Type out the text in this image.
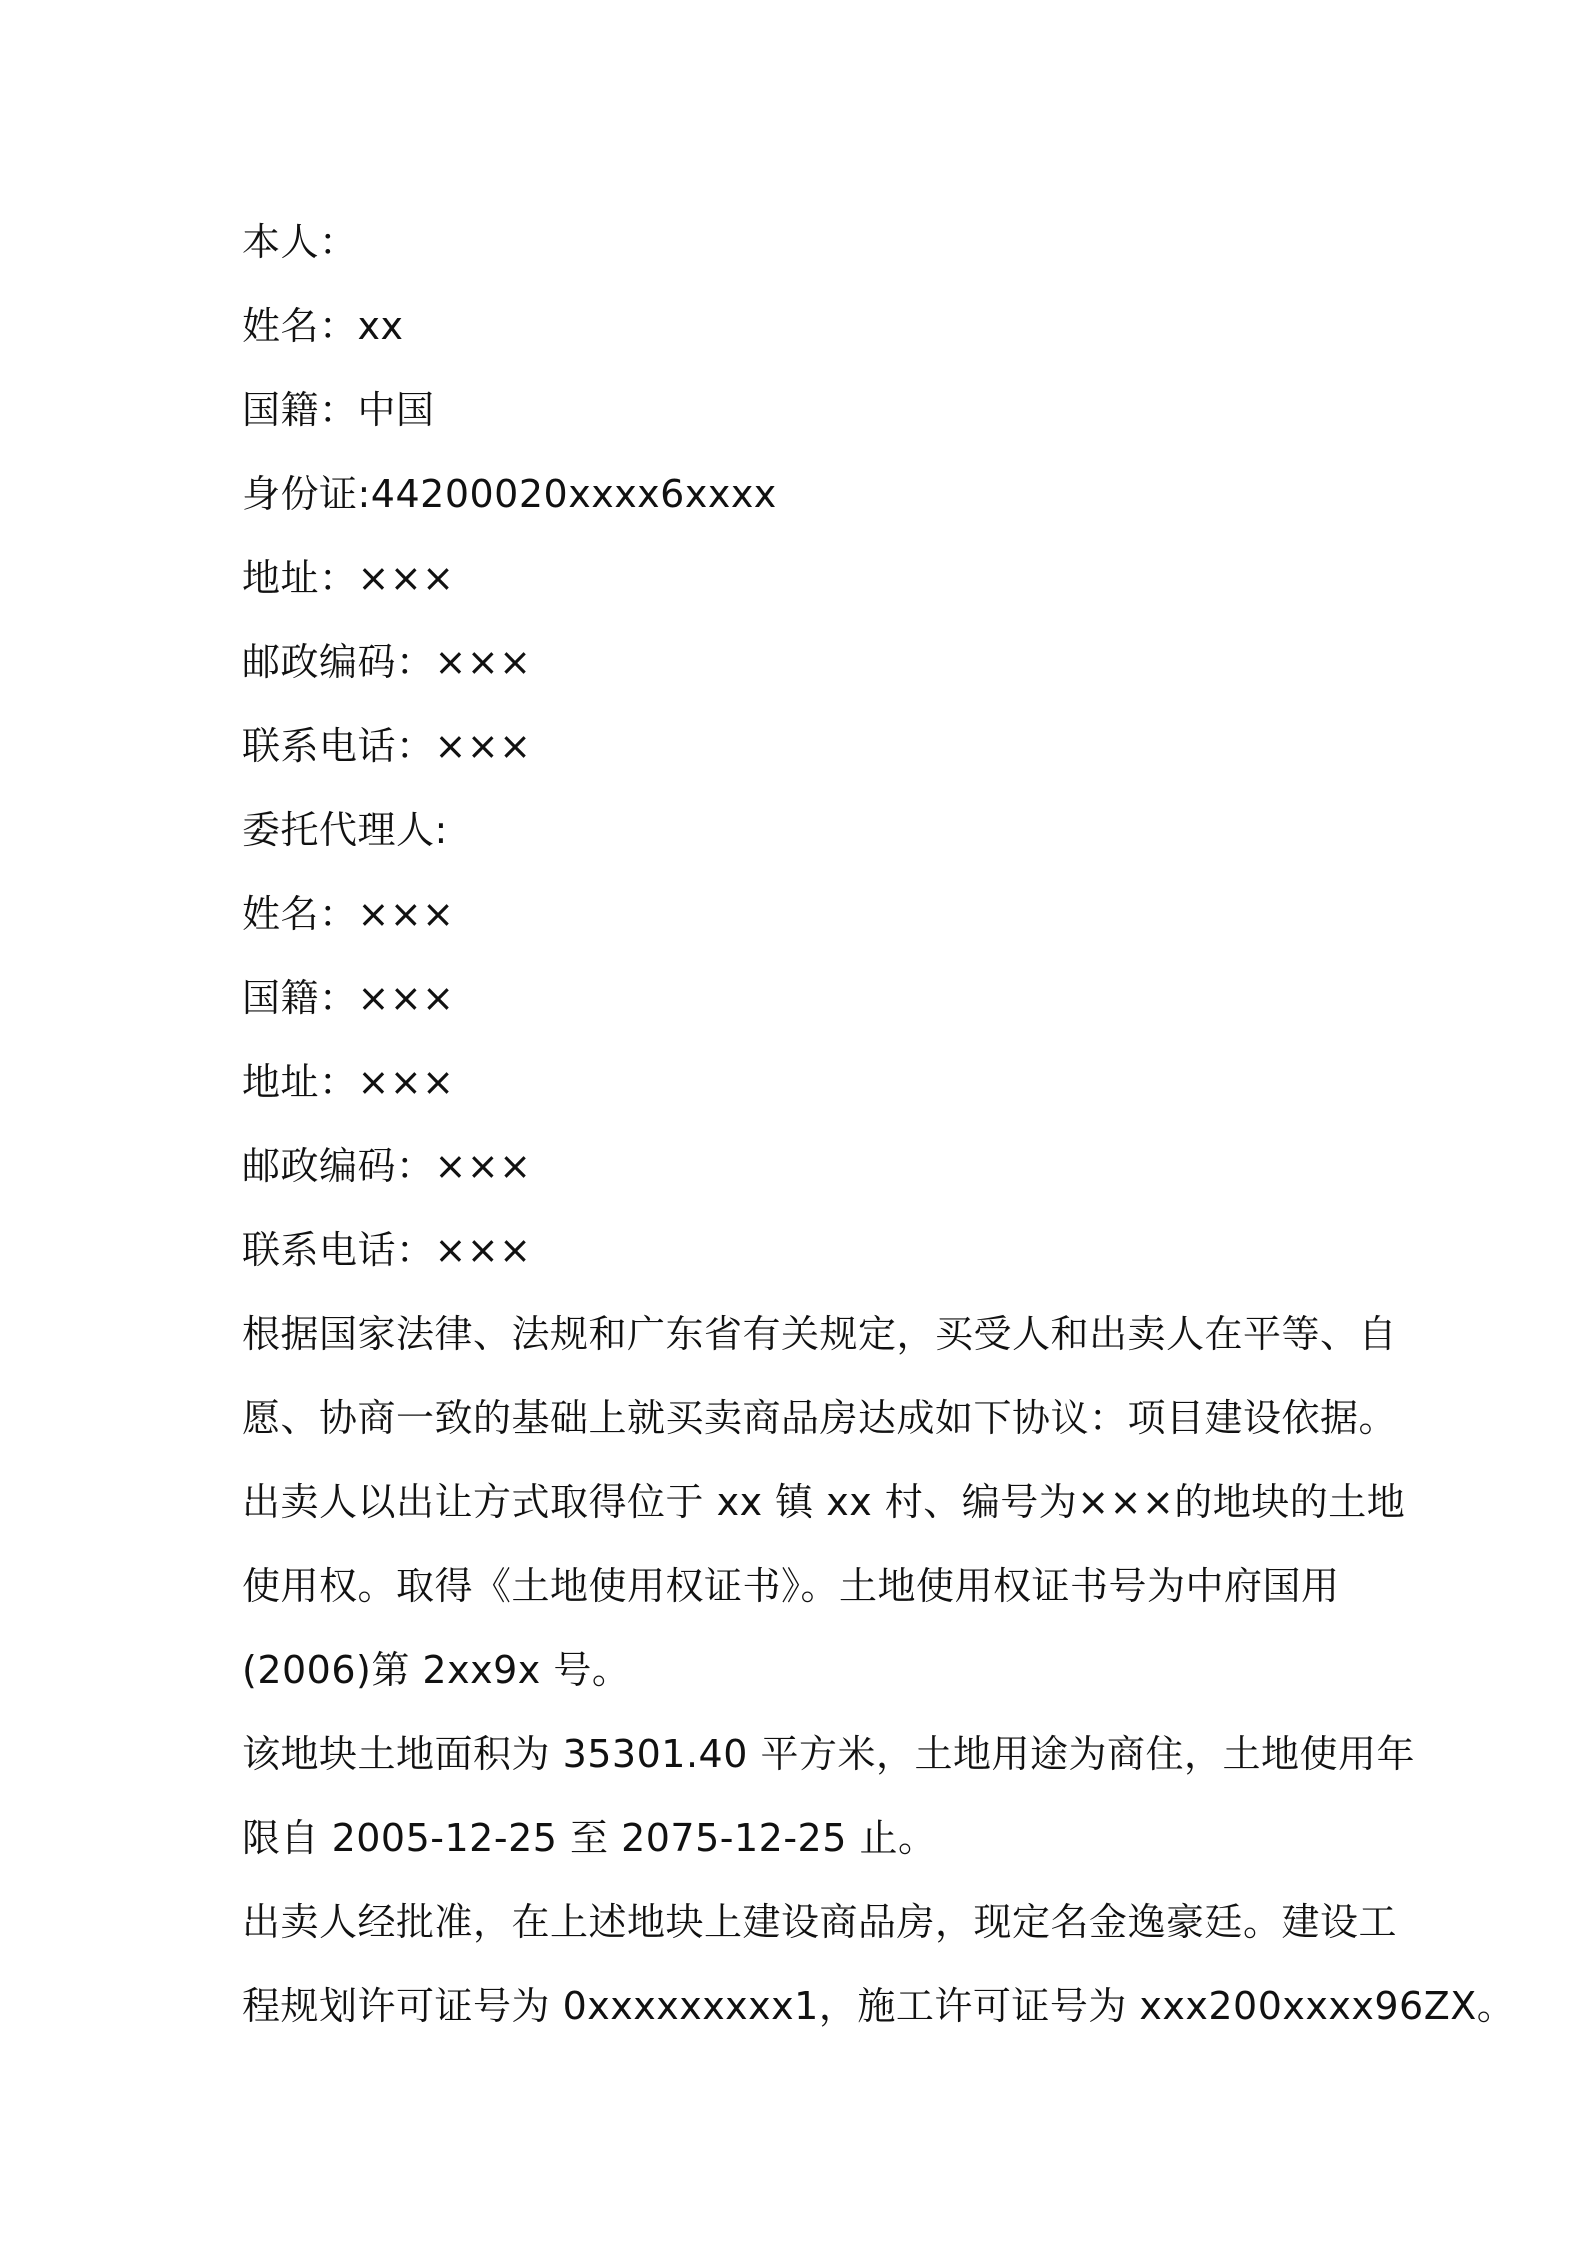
本人：
姓名：xx
国籍：中国
身份证:44200020xxxx6xxxx
地址：×××
邮政编码：×××
联系电话：×××
委托代理人:
姓名：×××
国籍：×××
地址：×××
邮政编码：×××
联系电话：×××
根据国家法律、法规和广东省有关规定，买受人和出卖人在平等、自
愿、协商一致的基础上就买卖商品房达成如下协议：项目建设依据。
出卖人以出让方式取得位于 xx 镇 xx 村、编号为×××的地块的土地
使用权。取得《土地使用权证书》。土地使用权证书号为中府国用
(2006)第 2xx9x 号。
该地块土地面积为 35301.40 平方米，土地用途为商住，土地使用年
限自 2005-12-25 至 2075-12-25 止。
出卖人经批准，在上述地块上建设商品房，现定名金逸豪廷。建设工
程规划许可证号为 0xxxxxxxxx1，施工许可证号为 xxx200xxxx96ZX。
